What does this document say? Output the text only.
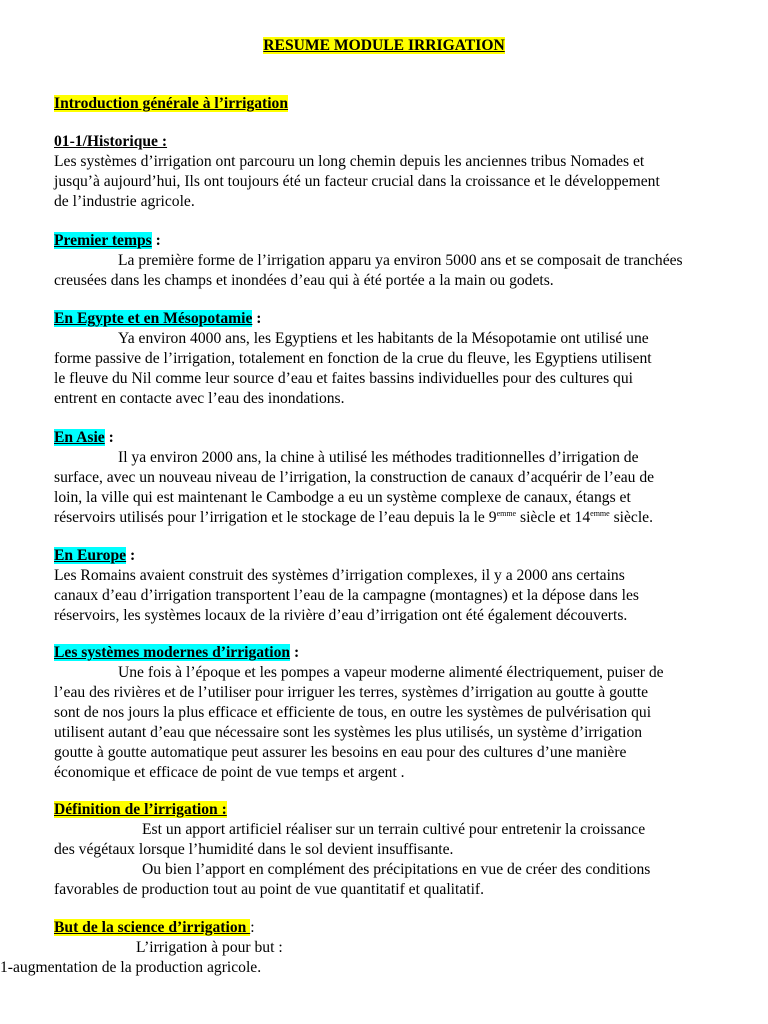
RESUME MODULE IRRIGATION
Introduction générale à l’irrigation
01-1/Historique :
Les systèmes d’irrigation ont parcouru un long chemin depuis les anciennes tribus Nomades et
jusqu’à aujourd’hui, Ils ont toujours été un facteur crucial dans la croissance et le développement
de l’industrie agricole.
Premier temps :
La première forme de l’irrigation apparu ya environ 5000 ans et se composait de tranchées
creusées dans les champs et inondées d’eau qui à été portée a la main ou godets.
En Egypte et en Mésopotamie :
Ya environ 4000 ans, les Egyptiens et les habitants de la Mésopotamie ont utilisé une
forme passive de l’irrigation, totalement en fonction de la crue du fleuve, les Egyptiens utilisent
le fleuve du Nil comme leur source d’eau et faites bassins individuelles pour des cultures qui
entrent en contacte avec l’eau des inondations.
En Asie :
Il ya environ 2000 ans, la chine à utilisé les méthodes traditionnelles d’irrigation de
surface, avec un nouveau niveau de l’irrigation, la construction de canaux d’acquérir de l’eau de
loin, la ville qui est maintenant le Cambodge a eu un système complexe de canaux, étangs et
réservoirs utilisés pour l’irrigation et le stockage de l’eau depuis la le $9^{emme}$ siècle et $14^{emme}$ siècle.
En Europe :
Les Romains avaient construit des systèmes d’irrigation complexes, il y a 2000 ans certains
canaux d’eau d’irrigation transportent l’eau de la campagne (montagnes) et la dépose dans les
réservoirs, les systèmes locaux de la rivière d’eau d’irrigation ont été également découverts.
Les systèmes modernes d’irrigation :
Une fois à l’époque et les pompes a vapeur moderne alimenté électriquement, puiser de
l’eau des rivières et de l’utiliser pour irriguer les terres, systèmes d’irrigation au goutte à goutte
sont de nos jours la plus efficace et efficiente de tous, en outre les systèmes de pulvérisation qui
utilisent autant d’eau que nécessaire sont les systèmes les plus utilisés, un système d’irrigation
goutte à goutte automatique peut assurer les besoins en eau pour des cultures d’une manière
économique et efficace de point de vue temps et argent .
Définition de l’irrigation :
Est un apport artificiel réaliser sur un terrain cultivé pour entretenir la croissance
des végétaux lorsque l’humidité dans le sol devient insuffisante.
Ou bien l’apport en complément des précipitations en vue de créer des conditions
favorables de production tout au point de vue quantitatif et qualitatif.
But de la science d’irrigation :
L’irrigation à pour but :
1-augmentation de la production agricole.
